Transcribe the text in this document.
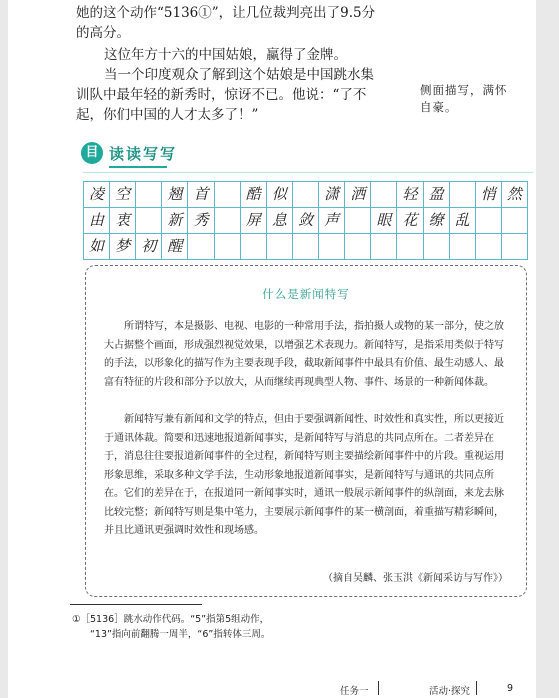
她的这个动作“5136①”，让几位裁判亮出了9.5分
的高分。
这位年方十六的中国姑娘，赢得了金牌。
当一个印度观众了解到这个姑娘是中国跳水集
训队中最年轻的新秀时，惊讶不已。他说：“了不
起，你们中国的人才太多了！”
侧面描写，满怀
自豪。
目 读读写写
凌 空	翘 首	酷 似	潇 洒	轻 盈	悄 然
由 衷	新 秀	屏 息 敛 声	眼 花 缭 乱
如 梦 初 醒
什么是新闻特写

所谓特写，本是摄影、电视、电影的一种常用手法，指拍摄人或物的某一部分，使之放大占据整个画面，形成强烈视觉效果，以增强艺术表现力。新闻特写，是指采用类似于特写的手法，以形象化的描写作为主要表现手段，截取新闻事件中最具有价值、最生动感人、最富有特征的片段和部分予以放大，从而继续再现典型人物、事件、场景的一种新闻体裁。

新闻特写兼有新闻和文学的特点，但由于要强调新闻性、时效性和真实性，所以更接近于通讯体裁。简要和迅速地报道新闻事实，是新闻特写与消息的共同点所在。二者差异在于，消息往往要报道新闻事件的全过程，新闻特写则主要描绘新闻事件中的片段。重视运用形象思维，采取多种文学手法，生动形象地报道新闻事实，是新闻特写与通讯的共同点所在。它们的差异在于，在报道同一新闻事实时，通讯一般展示新闻事件的纵剖面，来龙去脉比较完整；新闻特写则是集中笔力，主要展示新闻事件的某一横剖面，着重描写精彩瞬间，并且比通讯更强调时效性和现场感。

（摘自吴麟、张玉洪《新闻采访与写作》）
①［5136］跳水动作代码。“5”指第5组动作，
“13”指向前翻腾一周半，“6”指转体三周。
任务一	活动·探究	9
